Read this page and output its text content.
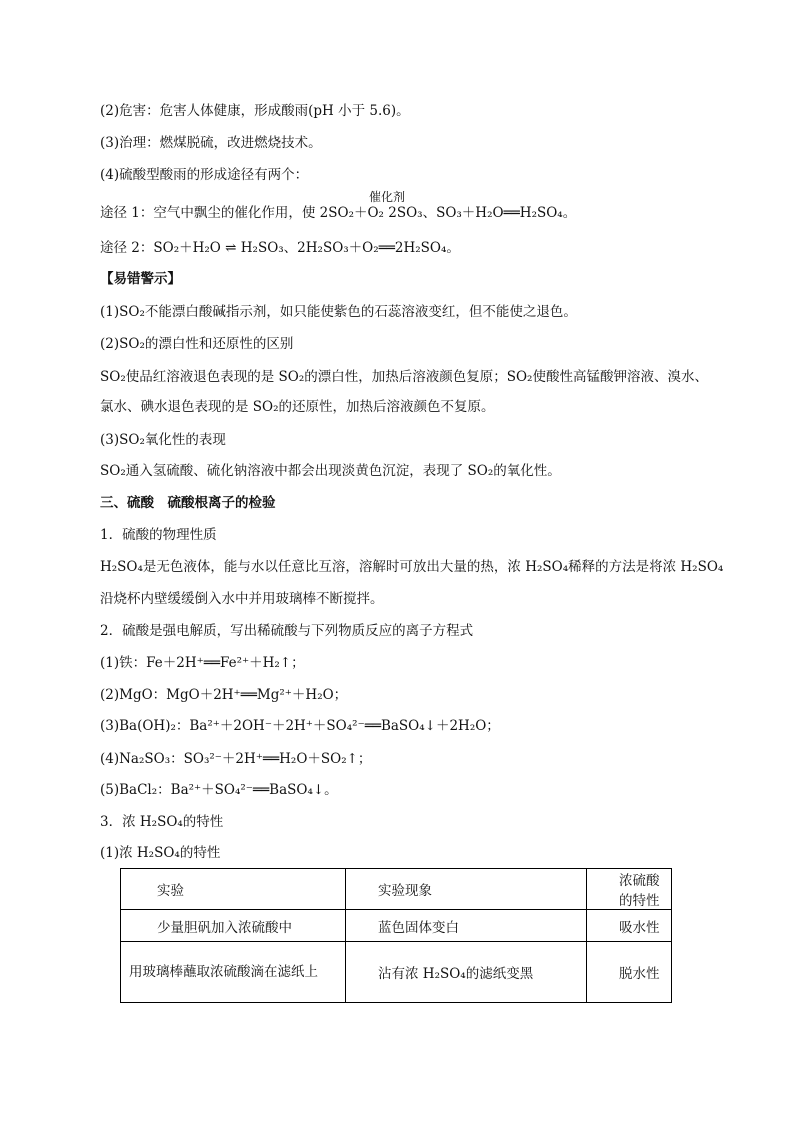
(2)危害：危害人体健康，形成酸雨(pH 小于 5.6)。
(3)治理：燃煤脱硫，改进燃烧技术。
(4)硫酸型酸雨的形成途径有两个：
催化剂
途径 1：空气中飘尘的催化作用，使 2SO₂＋O₂ 2SO₃、SO₃＋H₂O══H₂SO₄。
途径 2：SO₂＋H₂O ⇌ H₂SO₃、2H₂SO₃＋O₂══2H₂SO₄。
【易错警示】
(1)SO₂不能漂白酸碱指示剂，如只能使紫色的石蕊溶液变红，但不能使之退色。
(2)SO₂的漂白性和还原性的区别
SO₂使品红溶液退色表现的是 SO₂的漂白性，加热后溶液颜色复原；SO₂使酸性高锰酸钾溶液、溴水、
氯水、碘水退色表现的是 SO₂的还原性，加热后溶液颜色不复原。
(3)SO₂氧化性的表现
SO₂通入氢硫酸、硫化钠溶液中都会出现淡黄色沉淀，表现了 SO₂的氧化性。
三、硫酸　硫酸根离子的检验
1．硫酸的物理性质
H₂SO₄是无色液体，能与水以任意比互溶，溶解时可放出大量的热，浓 H₂SO₄稀释的方法是将浓 H₂SO₄
沿烧杯内壁缓缓倒入水中并用玻璃棒不断搅拌。
2．硫酸是强电解质，写出稀硫酸与下列物质反应的离子方程式
(1)铁：Fe＋2H⁺══Fe²⁺＋H₂↑；
(2)MgO：MgO＋2H⁺══Mg²⁺＋H₂O；
(3)Ba(OH)₂：Ba²⁺＋2OH⁻＋2H⁺＋SO₄²⁻══BaSO₄↓＋2H₂O；
(4)Na₂SO₃：SO₃²⁻＋2H⁺══H₂O＋SO₂↑；
(5)BaCl₂：Ba²⁺＋SO₄²⁻══BaSO₄↓。
3．浓 H₂SO₄的特性
(1)浓 H₂SO₄的特性
实验	实验现象	浓硫酸的特性
少量胆矾加入浓硫酸中	蓝色固体变白	吸水性
用玻璃棒蘸取浓硫酸滴在滤纸上	沾有浓 H₂SO₄的滤纸变黑	脱水性
